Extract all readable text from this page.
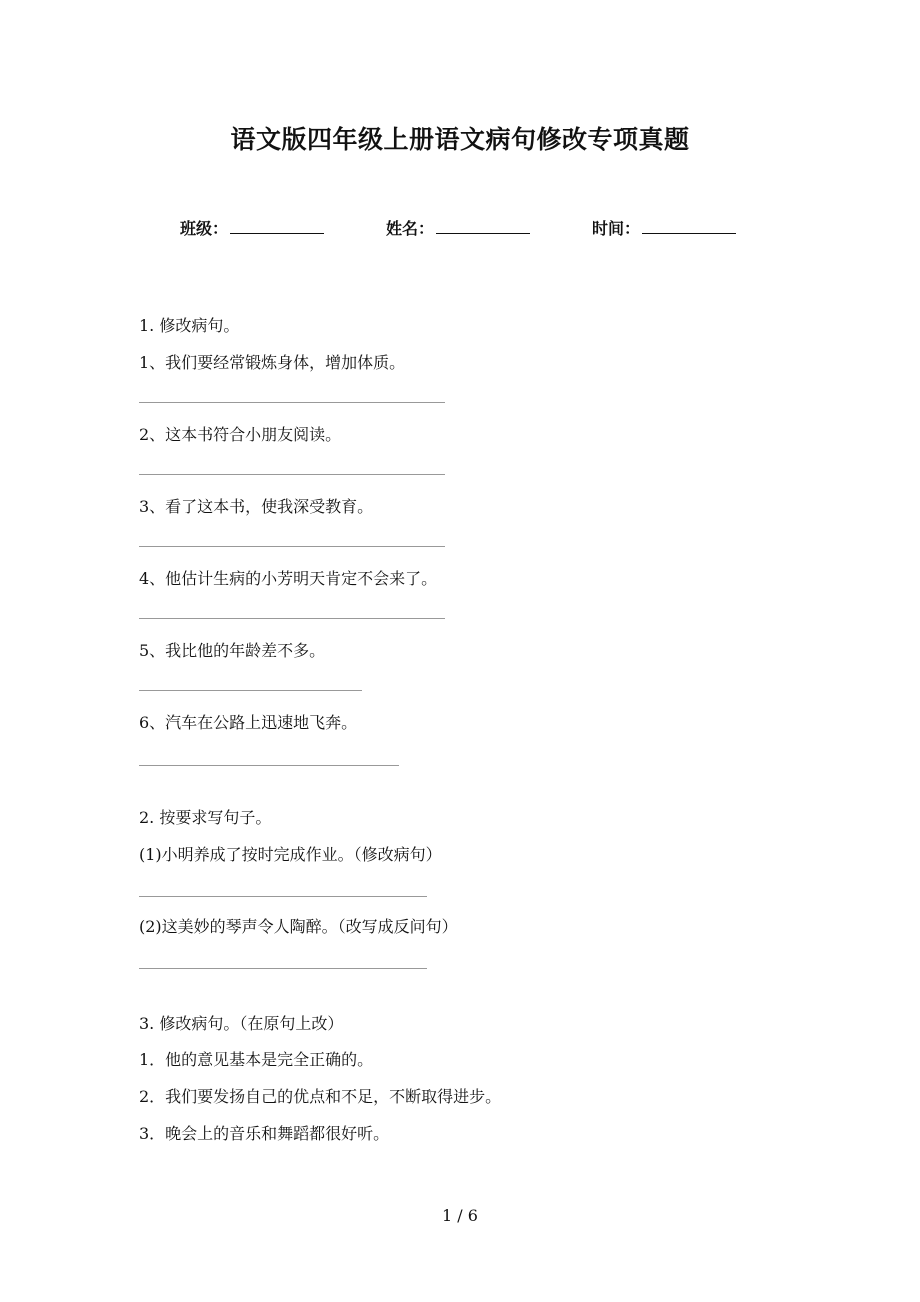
语文版四年级上册语文病句修改专项真题
班级：	姓名：	时间：
1. 修改病句。
1、我们要经常锻炼身体，增加体质。
2、这本书符合小朋友阅读。
3、看了这本书，使我深受教育。
4、他估计生病的小芳明天肯定不会来了。
5、我比他的年龄差不多。
6、汽车在公路上迅速地飞奔。
2. 按要求写句子。
(1)小明养成了按时完成作业。（修改病句）
(2)这美妙的琴声令人陶醉。（改写成反问句）
3. 修改病句。（在原句上改）
1．他的意见基本是完全正确的。
2．我们要发扬自己的优点和不足，不断取得进步。
3．晚会上的音乐和舞蹈都很好听。
1 / 6
